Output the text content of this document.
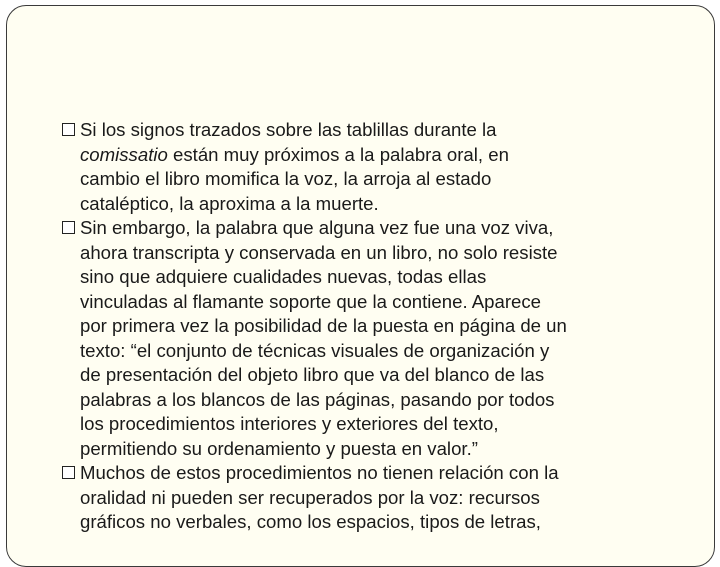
Si los signos trazados sobre las tablillas durante la
comissatio están muy próximos a la palabra oral, en
cambio el libro momifica la voz, la arroja al estado
cataléptico, la aproxima a la muerte.
Sin embargo, la palabra que alguna vez fue una voz viva,
ahora transcripta y conservada en un libro, no solo resiste
sino que adquiere cualidades nuevas, todas ellas
vinculadas al flamante soporte que la contiene. Aparece
por primera vez la posibilidad de la puesta en página de un
texto: “el conjunto de técnicas visuales de organización y
de presentación del objeto libro que va del blanco de las
palabras a los blancos de las páginas, pasando por todos
los procedimientos interiores y exteriores del texto,
permitiendo su ordenamiento y puesta en valor.”
Muchos de estos procedimientos no tienen relación con la
oralidad ni pueden ser recuperados por la voz: recursos
gráficos no verbales, como los espacios, tipos de letras,
